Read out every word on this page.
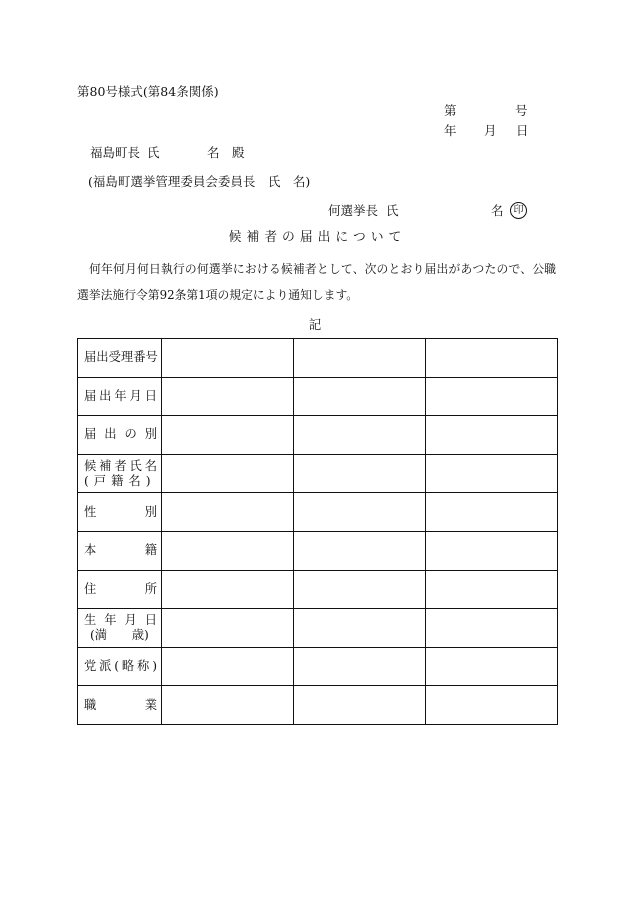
第80号様式(第84条関係)
第	号
年 月 日
福島町長 氏	名 殿
(福島町選挙管理委員会委員長　氏　名)
何選挙長 氏	名 印
候補者の届出について
何年何月何日執行の何選挙における候補者として、次のとおり届出があつたので、公職
選挙法施行令第92条第1項の規定により通知します。
記
届出受理番号			

届出年月日			

届出の別			

候補者氏名
(戸籍名)			

性別			

本籍			

住所			

生年月日
(満　　歳)			

党派(略称)			

職業			
